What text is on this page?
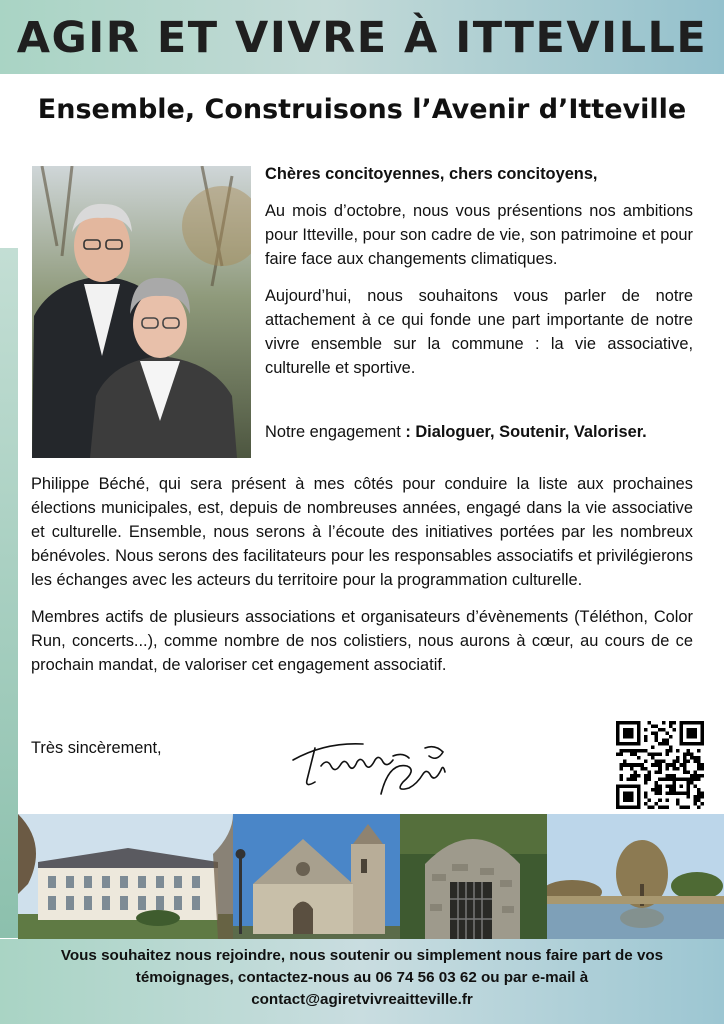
AGIR ET VIVRE À ITTEVILLE
Ensemble, Construisons l’Avenir d’Itteville

Chères concitoyennes, chers concitoyens,

Au mois d’octobre, nous vous présentions nos ambitions pour Itteville, pour son cadre de vie, son patrimoine et pour faire face aux changements climatiques.

Aujourd’hui, nous souhaitons vous parler de notre attachement à ce qui fonde une part importante de notre vivre ensemble sur la commune : la vie associative, culturelle et sportive.

Philippe Béché, qui sera présent à mes côtés pour conduire la liste aux prochaines élections municipales, est, depuis de nombreuses années, engagé dans la vie associative et culturelle. Ensemble, nous serons à l’écoute des initiatives portées par les nombreux bénévoles. Nous serons des facilitateurs pour les responsables associatifs et privilégierons les échanges avec les acteurs du territoire pour la programmation culturelle.

Membres actifs de plusieurs associations et organisateurs d’évènements (Téléthon, Color Run, concerts...), comme nombre de nos colistiers, nous aurons à cœur, au cours de ce prochain mandat, de valoriser cet engagement associatif.

Notre engagement : Dialoguer, Soutenir, Valoriser.
Très sincèrement,
Vous souhaitez nous rejoindre, nous soutenir ou simplement nous faire part de vos
témoignages, contactez-nous au 06 74 56 03 62 ou par e-mail à
contact@agiretvivreaitteville.fr
